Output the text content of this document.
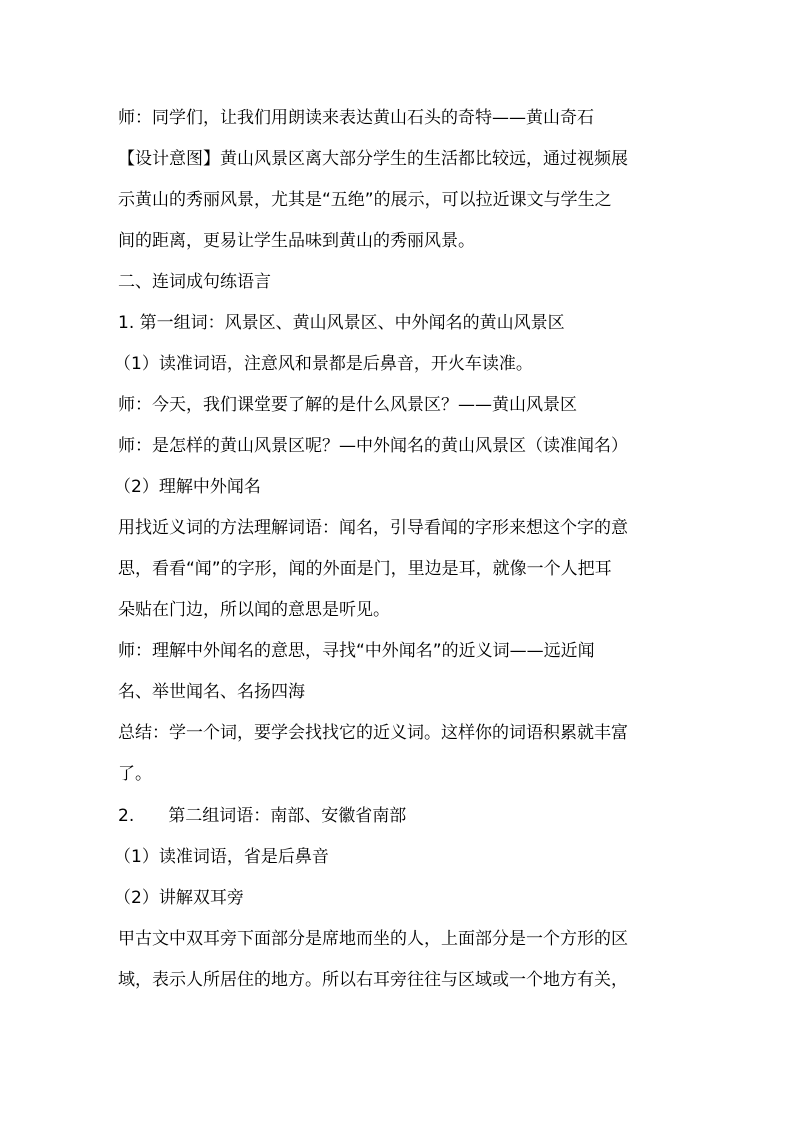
师：同学们，让我们用朗读来表达黄山石头的奇特——黄山奇石
【设计意图】黄山风景区离大部分学生的生活都比较远，通过视频展
示黄山的秀丽风景，尤其是“五绝”的展示，可以拉近课文与学生之
间的距离，更易让学生品味到黄山的秀丽风景。
二、连词成句练语言
1. 第一组词：风景区、黄山风景区、中外闻名的黄山风景区
（1）读准词语，注意风和景都是后鼻音，开火车读准。
师：今天，我们课堂要了解的是什么风景区？——黄山风景区
师：是怎样的黄山风景区呢？—中外闻名的黄山风景区（读准闻名）
（2）理解中外闻名
用找近义词的方法理解词语：闻名，引导看闻的字形来想这个字的意
思，看看“闻”的字形，闻的外面是门，里边是耳，就像一个人把耳
朵贴在门边，所以闻的意思是听见。
师：理解中外闻名的意思，寻找“中外闻名”的近义词——远近闻
名、举世闻名、名扬四海
总结：学一个词，要学会找找它的近义词。这样你的词语积累就丰富
了。
2.　　第二组词语：南部、安徽省南部
（1）读准词语，省是后鼻音
（2）讲解双耳旁
甲古文中双耳旁下面部分是席地而坐的人，上面部分是一个方形的区
域，表示人所居住的地方。所以右耳旁往往与区域或一个地方有关，
